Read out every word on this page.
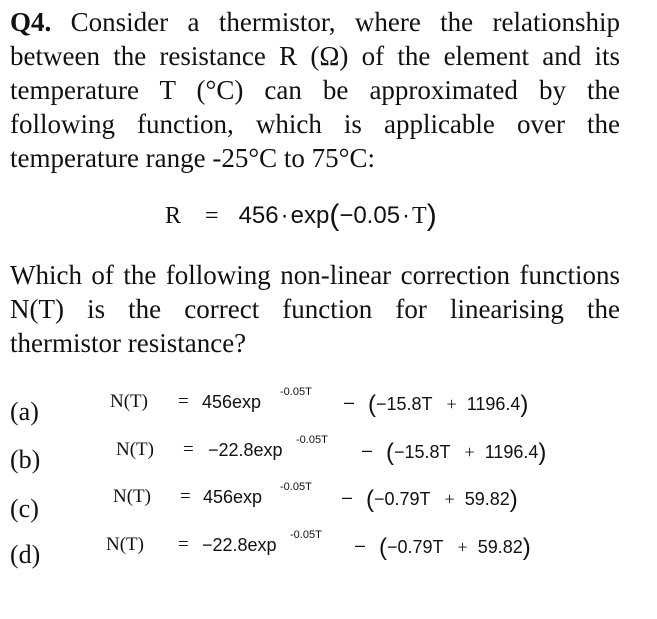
Q4. Consider a thermistor, where the relationship between the resistance R (Ω) of the element and its temperature T (°C) can be approximated by the following function, which is applicable over the temperature range -25°C to 75°C:
R = 456·exp(−0.05·T)
Which of the following non-linear correction functions N(T) is the correct function for linearising the thermistor resistance?
(a)	N(T) = 456exp -0.05T – (−15.8T + 1196.4)
(b)	N(T) = −22.8exp -0.05T – (−15.8T + 1196.4)
(c)	N(T) = 456exp -0.05T – (−0.79T + 59.82)
(d)	N(T) = −22.8exp -0.05T – (−0.79T + 59.82)
